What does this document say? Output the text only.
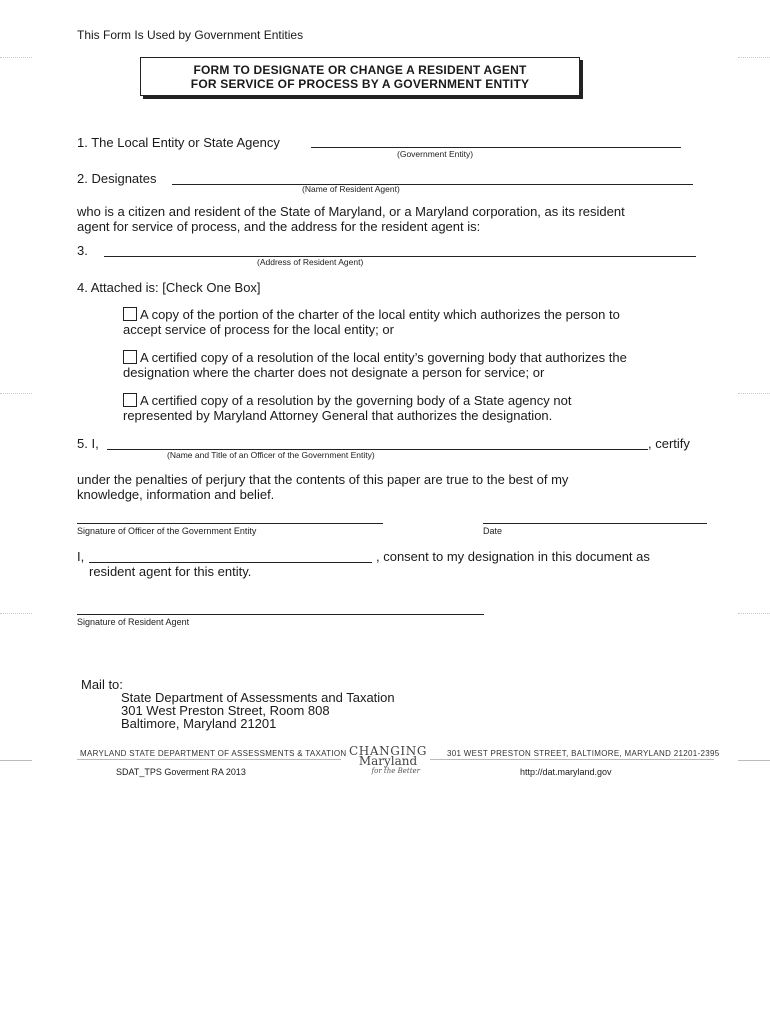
This Form Is Used by Government Entities
FORM TO DESIGNATE OR CHANGE A RESIDENT AGENT
FOR SERVICE OF PROCESS BY A GOVERNMENT ENTITY
1. The Local Entity or State Agency
(Government Entity)
2. Designates
(Name of Resident Agent)
who is a citizen and resident of the State of Maryland, or a Maryland corporation, as its resident
agent for service of process, and the address for the resident agent is:
3.
(Address of Resident Agent)
4. Attached is: [Check One Box]
A copy of the portion of the charter of the local entity which authorizes the person to
accept service of process for the local entity; or
A certified copy of a resolution of the local entity’s governing body that authorizes the
designation where the charter does not designate a person for service; or
A certified copy of a resolution by the governing body of a State agency not
represented by Maryland Attorney General that authorizes the designation.
5. I,	, certify
(Name and Title of an Officer of the Government Entity)
under the penalties of perjury that the contents of this paper are true to the best of my
knowledge, information and belief.
Signature of Officer of the Government Entity	Date
I,	, consent to my designation in this document as
resident agent for this entity.
Signature of Resident Agent
Mail to:
State Department of Assessments and Taxation
301 West Preston Street, Room 808
Baltimore, Maryland 21201
MARYLAND STATE DEPARTMENT OF ASSESSMENTS & TAXATION	301 WEST PRESTON STREET, BALTIMORE, MARYLAND 21201-2395
CHANGING
Maryland
for the Better
SDAT_TPS Goverment RA 2013	http://dat.maryland.gov
